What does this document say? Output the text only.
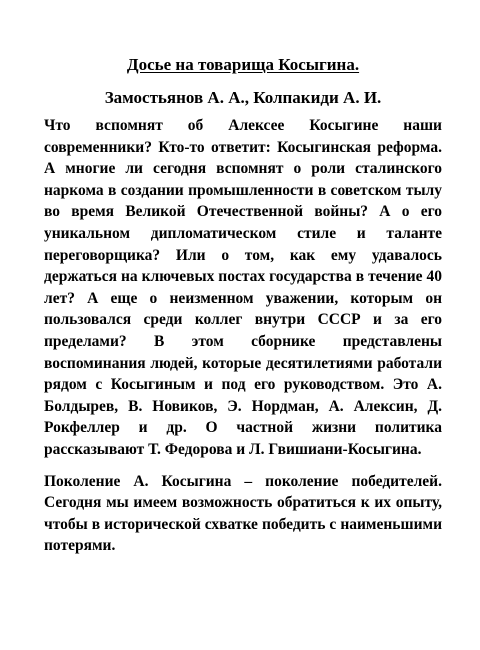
Досье на товарища Косыгина.
Замостьянов А. А., Колпакиди А. И.

Что вспомнят об Алексее Косыгине наши современники? Кто-то ответит: Косыгинская реформа. А многие ли сегодня вспомнят о роли сталинского наркома в создании промышленности в советском тылу во время Великой Отечественной войны? А о его уникальном дипломатическом стиле и таланте переговорщика? Или о том, как ему удавалось держаться на ключевых постах государства в течение 40 лет? А еще о неизменном уважении, которым он пользовался среди коллег внутри СССР и за его пределами? В этом сборнике представлены воспоминания людей, которые десятилетиями работали рядом с Косыгиным и под его руководством. Это А. Болдырев, В. Новиков, Э. Нордман, А. Алексин, Д. Рокфеллер и др. О частной жизни политика рассказывают Т. Федорова и Л. Гвишиани-Косыгина.

Поколение А. Косыгина – поколение победителей. Сегодня мы имеем возможность обратиться к их опыту, чтобы в исторической схватке победить с наименьшими потерями.
